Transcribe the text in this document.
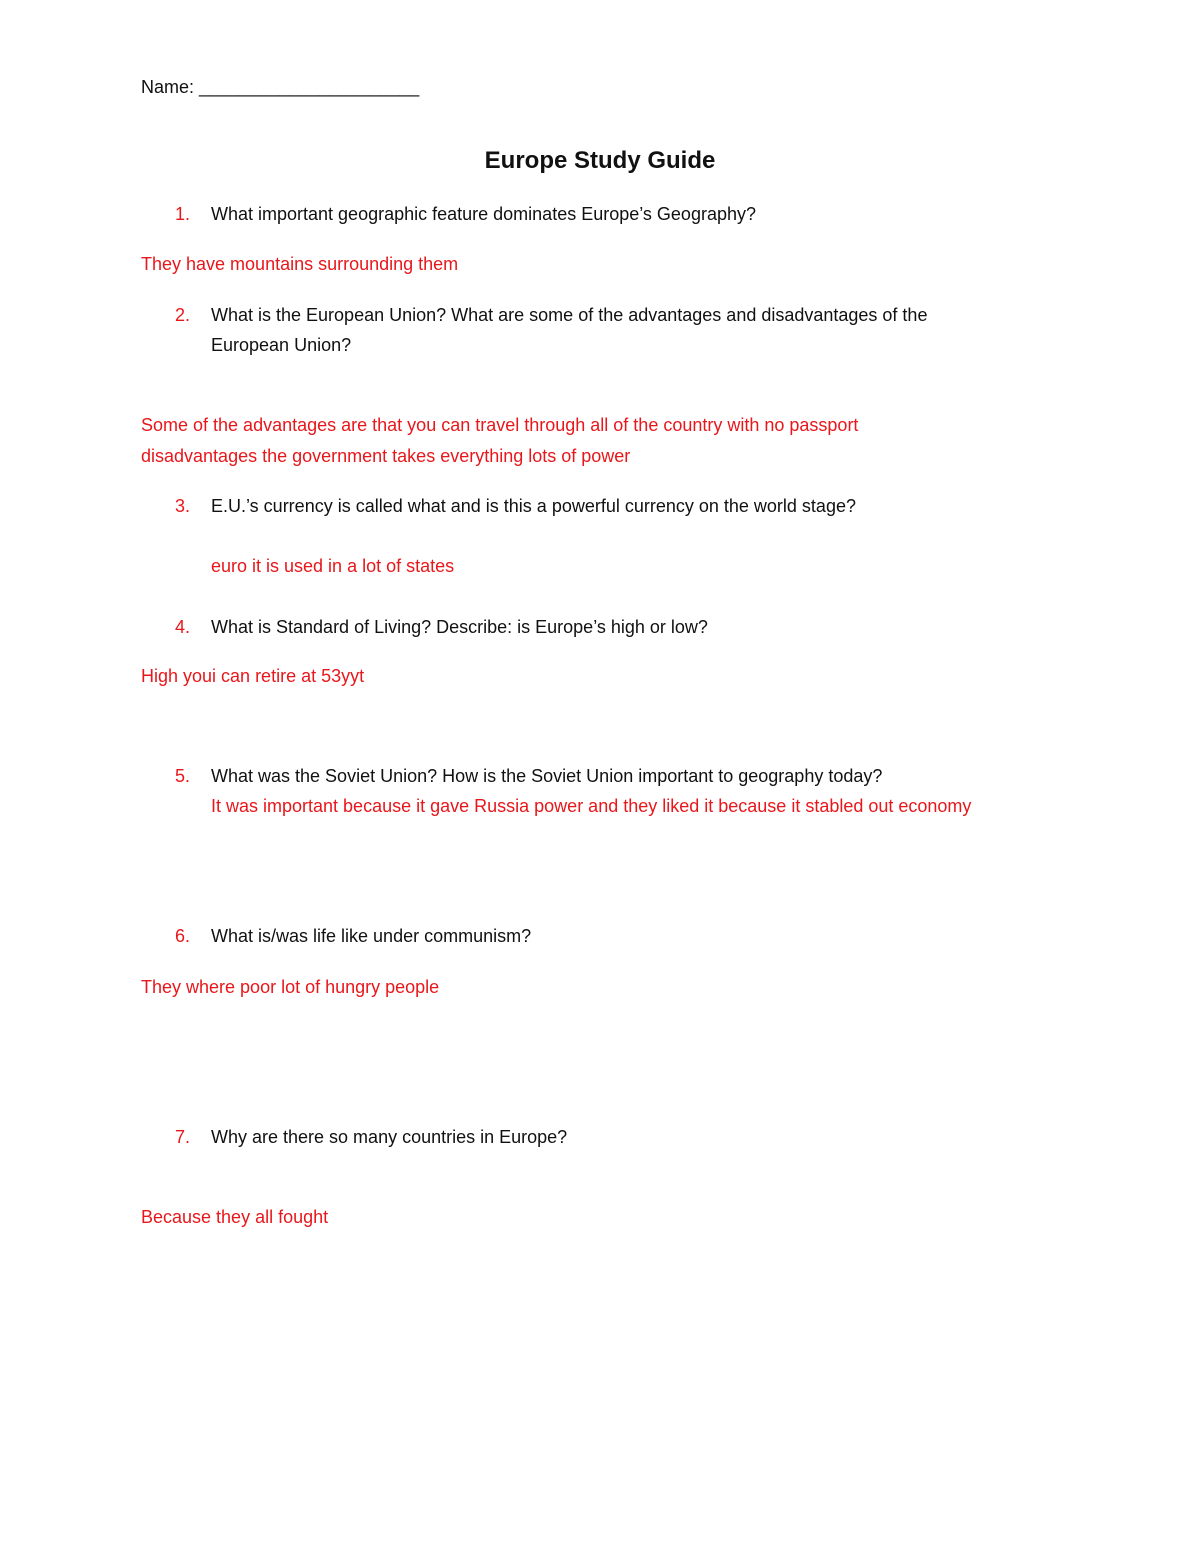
Name: ______________________
Europe Study Guide
1. What important geographic feature dominates Europe’s Geography?
They have mountains surrounding them
2. What is the European Union? What are some of the advantages and disadvantages of the
European Union?
Some of the advantages are that you can travel through all of the country with no passport
disadvantages the government takes everything lots of power
3. E.U.’s currency is called what and is this a powerful currency on the world stage?
euro it is used in a lot of states
4. What is Standard of Living? Describe: is Europe’s high or low?
High youi can retire at 53yyt
5. What was the Soviet Union? How is the Soviet Union important to geography today?
It was important because it gave Russia power and they liked it because it stabled out economy
6. What is/was life like under communism?
They where poor lot of hungry people
7. Why are there so many countries in Europe?
Because they all fought
